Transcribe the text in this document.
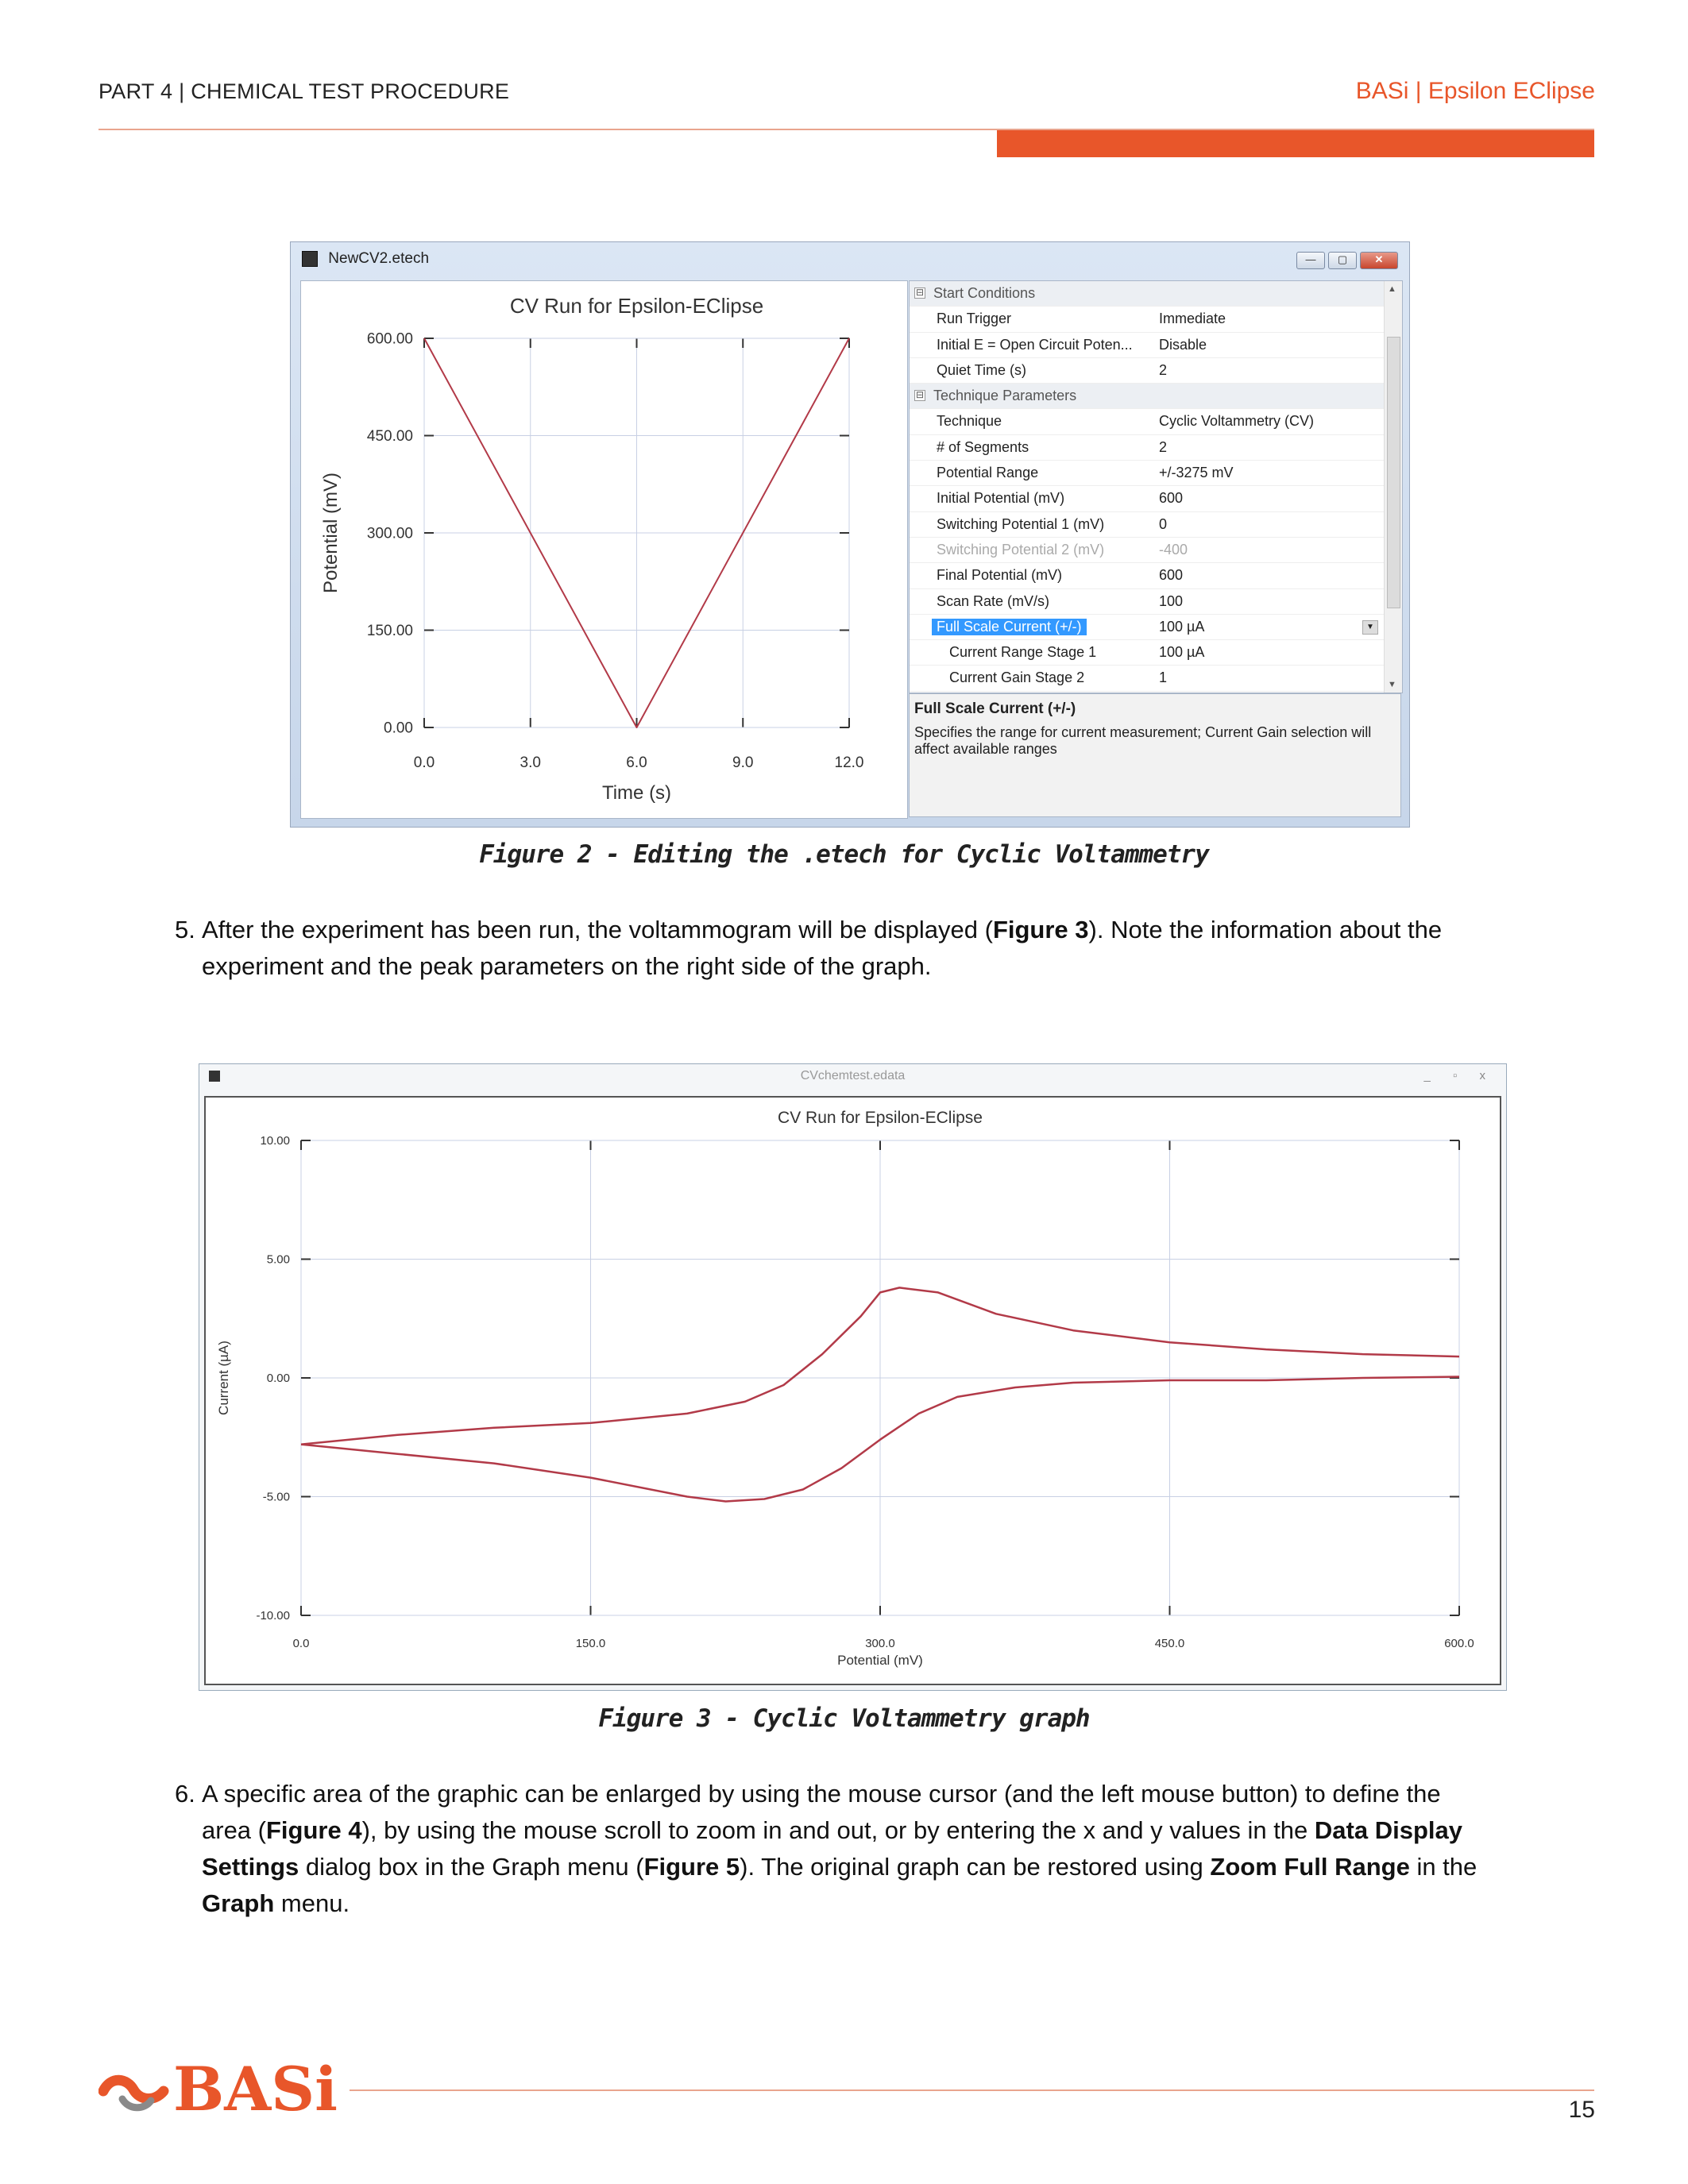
PART 4 | CHEMICAL TEST PROCEDURE	BASi | Epsilon EClipse
NewCV2.etech	—	▢	✕
CV Run for Epsilon-EClipse
0.0	3.0	6.0	9.0	12.0
0.00
150.00
300.00
450.00
600.00
Time (s)
Potential (mV)
⊟ Start Conditions
Run Trigger	Immediate
Initial E = Open Circuit Poten... Disable
Quiet Time (s)	2
⊟ Technique Parameters
Technique	Cyclic Voltammetry (CV)
# of Segments	2
Potential Range	+/-3275 mV
Initial Potential (mV)	600
Switching Potential 1 (mV)	0
Switching Potential 2 (mV)	-400
Final Potential (mV)	600
Scan Rate (mV/s)	100
Full Scale Current (+/-)	100 µA	▼
Current Range Stage 1	100 µA
Current Gain Stage 2	1
▲
▼
Full Scale Current (+/-)
Specifies the range for current measurement; Current Gain selection will affect available ranges
Figure 2 - Editing the .etech for Cyclic Voltammetry
5. After the experiment has been run, the voltammogram will be displayed (Figure 3). Note the information about the experiment and the peak parameters on the right side of the graph.
CVchemtest.edata	_ ▫ x
CV Run for Epsilon-EClipse
0.0	150.0	300.0	450.0	600.0
10.00
5.00
0.00
-5.00
-10.00
Potential (mV)
Current (µA)
Figure 3 - Cyclic Voltammetry graph
6. A specific area of the graphic can be enlarged by using the mouse cursor (and the left mouse button) to define the area (Figure 4), by using the mouse scroll to zoom in and out, or by entering the x and y values in the Data Display Settings dialog box in the Graph menu (Figure 5). The original graph can be restored using Zoom Full Range in the Graph menu.
BASi	15
